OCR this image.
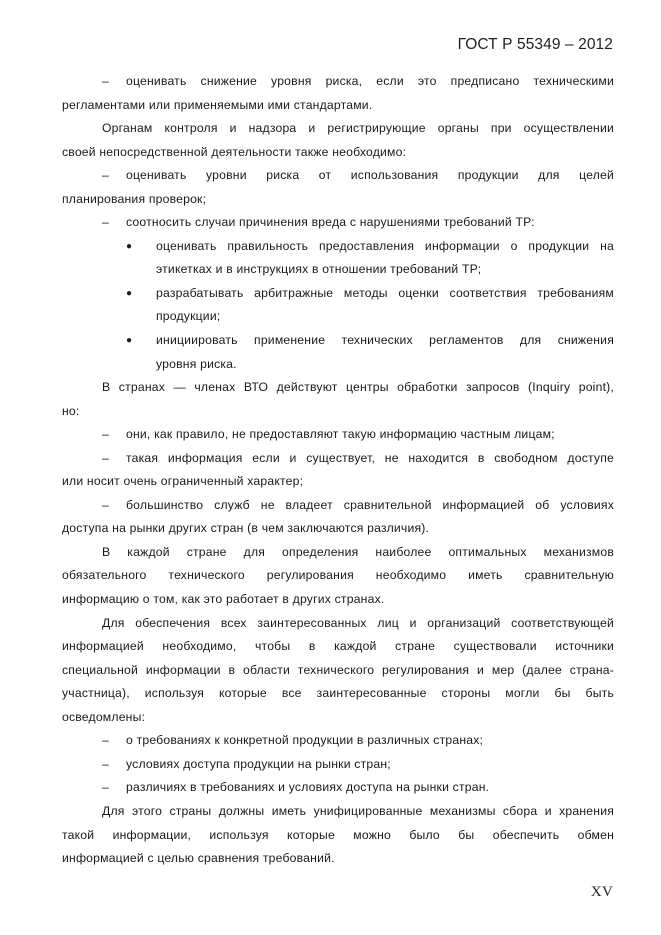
ГОСТ Р 55349 – 2012
– оценивать снижение уровня риска, если это предписано техническими
регламентами или применяемыми ими стандартами.
Органам контроля и надзора и регистрирующие органы при осуществлении
своей непосредственной деятельности также необходимо:
– оценивать уровни риска от использования продукции для целей
планирования проверок;
– соотносить случаи причинения вреда с нарушениями требований ТР:
● оценивать правильность предоставления информации о продукции на
этикетках и в инструкциях в отношении требований ТР;
● разрабатывать арбитражные методы оценки соответствия требованиям
продукции;
● инициировать применение технических регламентов для снижения
уровня риска.
В странах — членах ВТО действуют центры обработки запросов (Inquiry point),
но:
– они, как правило, не предоставляют такую информацию частным лицам;
– такая информация если и существует, не находится в свободном доступе
или носит очень ограниченный характер;
– большинство служб не владеет сравнительной информацией об условиях
доступа на рынки других стран (в чем заключаются различия).
В каждой стране для определения наиболее оптимальных механизмов
обязательного технического регулирования необходимо иметь сравнительную
информацию о том, как это работает в других странах.
Для обеспечения всех заинтересованных лиц и организаций соответствующей
информацией необходимо, чтобы в каждой стране существовали источники
специальной информации в области технического регулирования и мер (далее страна-
участница), используя которые все заинтересованные стороны могли бы быть
осведомлены:
– о требованиях к конкретной продукции в различных странах;
– условиях доступа продукции на рынки стран;
– различиях в требованиях и условиях доступа на рынки стран.
Для этого страны должны иметь унифицированные механизмы сбора и хранения
такой информации, используя которые можно было бы обеспечить обмен
информацией с целью сравнения требований.
XV
